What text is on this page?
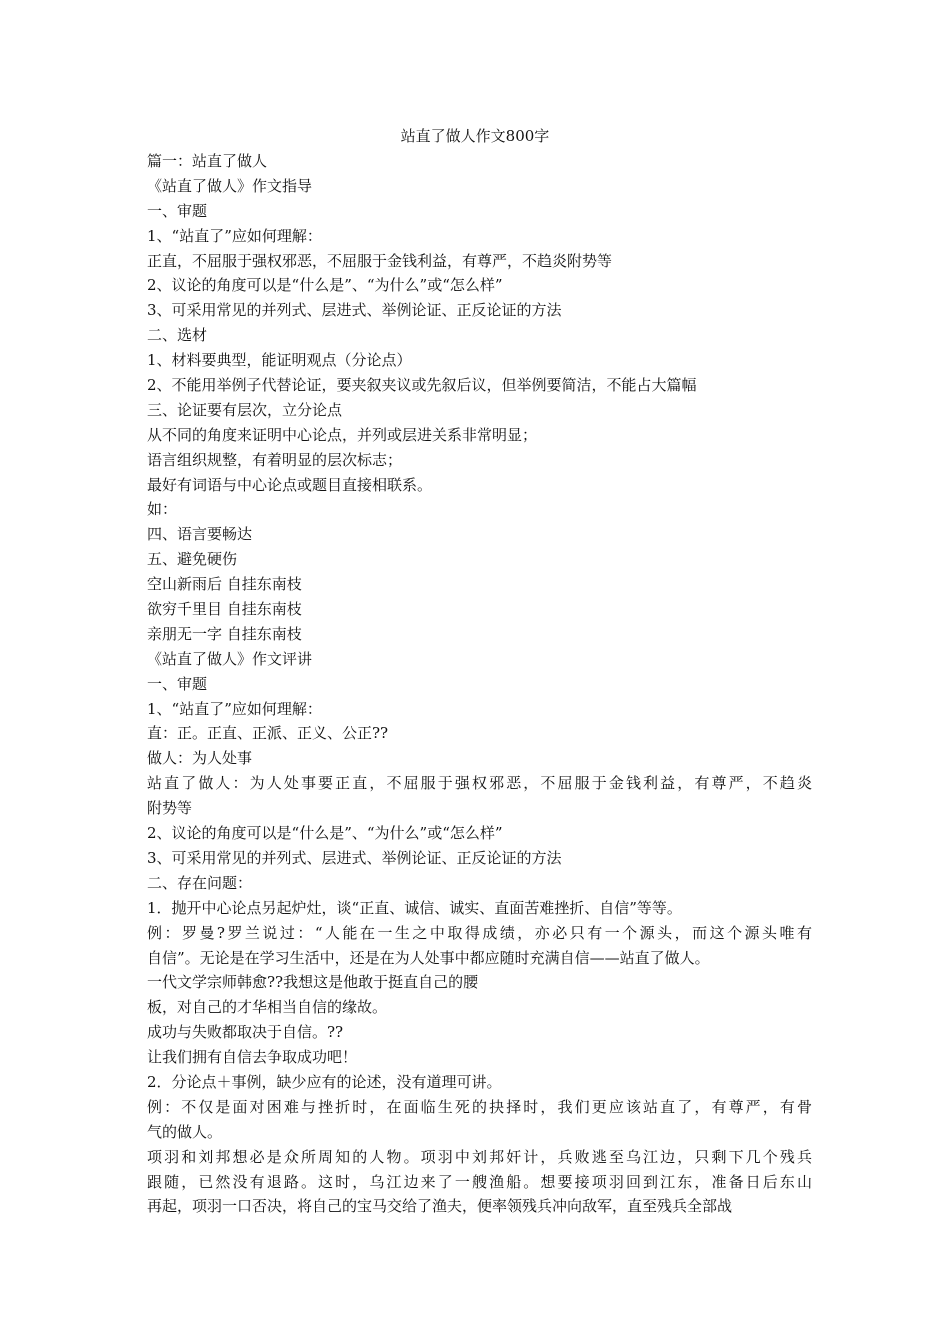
站直了做人作文800字
篇一：站直了做人
《站直了做人》作文指导
一、审题
1、“站直了”应如何理解：
正直，不屈服于强权邪恶，不屈服于金钱利益，有尊严，不趋炎附势等
2、议论的角度可以是“什么是”、“为什么”或“怎么样”
3、可采用常见的并列式、层进式、举例论证、正反论证的方法
二、选材
1、材料要典型，能证明观点（分论点）
2、不能用举例子代替论证，要夹叙夹议或先叙后议，但举例要简洁，不能占大篇幅
三、论证要有层次，立分论点
从不同的角度来证明中心论点，并列或层进关系非常明显；
语言组织规整，有着明显的层次标志；
最好有词语与中心论点或题目直接相联系。
如：
四、语言要畅达
五、避免硬伤
空山新雨后 自挂东南枝
欲穷千里目 自挂东南枝
亲朋无一字 自挂东南枝
《站直了做人》作文评讲
一、审题
1、“站直了”应如何理解：
直：正。正直、正派、正义、公正??
做人：为人处事
站直了做人：为人处事要正直，不屈服于强权邪恶，不屈服于金钱利益，有尊严，不趋炎
附势等
2、议论的角度可以是“什么是”、“为什么”或“怎么样”
3、可采用常见的并列式、层进式、举例论证、正反论证的方法
二、存在问题：
1．抛开中心论点另起炉灶，谈“正直、诚信、诚实、直面苦难挫折、自信”等等。
例：罗曼?罗兰说过：“人能在一生之中取得成绩，亦必只有一个源头，而这个源头唯有
自信”。无论是在学习生活中，还是在为人处事中都应随时充满自信——站直了做人。
一代文学宗师韩愈??我想这是他敢于挺直自己的腰
板，对自己的才华相当自信的缘故。
成功与失败都取决于自信。??
让我们拥有自信去争取成功吧！
2．分论点＋事例，缺少应有的论述，没有道理可讲。
例：不仅是面对困难与挫折时，在面临生死的抉择时，我们更应该站直了，有尊严，有骨
气的做人。
项羽和刘邦想必是众所周知的人物。项羽中刘邦奸计，兵败逃至乌江边，只剩下几个残兵
跟随，已然没有退路。这时，乌江边来了一艘渔船。想要接项羽回到江东，准备日后东山
再起，项羽一口否决，将自己的宝马交给了渔夫，便率领残兵冲向敌军，直至残兵全部战
